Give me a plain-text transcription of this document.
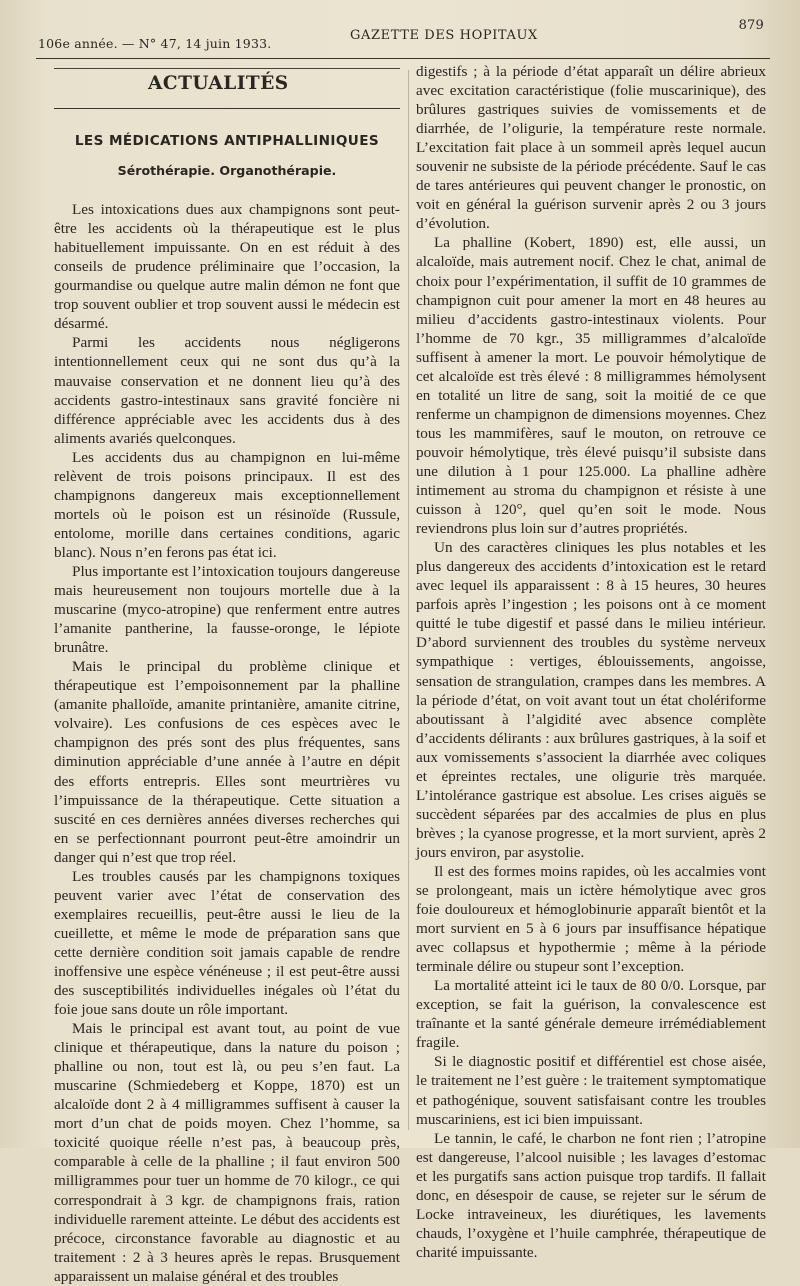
106e année. — N° 47, 14 juin 1933.
GAZETTE DES HOPITAUX
879
ACTUALITÉS
LES MÉDICATIONS ANTIPHALLINIQUES
Sérothérapie. Organothérapie.

Les intoxications dues aux champignons sont peut-être les accidents où la thérapeutique est le plus habituellement impuissante. On en est réduit à des conseils de prudence préliminaire que l’occasion, la gourmandise ou quelque autre malin démon ne font que trop souvent oublier et trop souvent aussi le médecin est désarmé.

Parmi les accidents nous négligerons intentionnellement ceux qui ne sont dus qu’à la mauvaise conservation et ne donnent lieu qu’à des accidents gastro-intestinaux sans gravité foncière ni différence appréciable avec les accidents dus à des aliments avariés quelconques.

Les accidents dus au champignon en lui-même relèvent de trois poisons principaux. Il est des champignons dangereux mais exceptionnellement mortels où le poison est un résinoïde (Russule, entolome, morille dans certaines conditions, agaric blanc). Nous n’en ferons pas état ici.

Plus importante est l’intoxication toujours dangereuse mais heureusement non toujours mortelle due à la muscarine (myco-atropine) que renferment entre autres l’amanite pantherine, la fausse-oronge, le lépiote brunâtre.

Mais le principal du problème clinique et thérapeutique est l’empoisonnement par la phalline (amanite phalloïde, amanite printanière, amanite citrine, volvaire). Les confusions de ces espèces avec le champignon des prés sont des plus fréquentes, sans diminution appréciable d’une année à l’autre en dépit des efforts entrepris. Elles sont meurtrières vu l’impuissance de la thérapeutique. Cette situation a suscité en ces dernières années diverses recherches qui en se perfectionnant pourront peut-être amoindrir un danger qui n’est que trop réel.

Les troubles causés par les champignons toxiques peuvent varier avec l’état de conservation des exemplaires recueillis, peut-être aussi le lieu de la cueillette, et même le mode de préparation sans que cette dernière condition soit jamais capable de rendre inoffensive une espèce vénéneuse ; il est peut-être aussi des susceptibilités individuelles inégales où l’état du foie joue sans doute un rôle important.

Mais le principal est avant tout, au point de vue clinique et thérapeutique, dans la nature du poison ; phalline ou non, tout est là, ou peu s’en faut. La muscarine (Schmiedeberg et Koppe, 1870) est un alcaloïde dont 2 à 4 milligrammes suffisent à causer la mort d’un chat de poids moyen. Chez l’homme, sa toxicité quoique réelle n’est pas, à beaucoup près, comparable à celle de la phalline ; il faut environ 500 milligrammes pour tuer un homme de 70 kilogr., ce qui correspondrait à 3 kgr. de champignons frais, ration individuelle rarement atteinte. Le début des accidents est précoce, circonstance favorable au diagnostic et au traitement : 2 à 3 heures après le repas. Brusquement apparaissent un malaise général et des troubles

digestifs ; à la période d’état apparaît un délire abrieux avec excitation caractéristique (folie muscarinique), des brûlures gastriques suivies de vomissements et de diarrhée, de l’oligurie, la température reste normale. L’excitation fait place à un sommeil après lequel aucun souvenir ne subsiste de la période précédente. Sauf le cas de tares antérieures qui peuvent changer le pronostic, on voit en général la guérison survenir après 2 ou 3 jours d’évolution.

La phalline (Kobert, 1890) est, elle aussi, un alcaloïde, mais autrement nocif. Chez le chat, animal de choix pour l’expérimentation, il suffit de 10 grammes de champignon cuit pour amener la mort en 48 heures au milieu d’accidents gastro-intestinaux violents. Pour l’homme de 70 kgr., 35 milligrammes d’alcaloïde suffisent à amener la mort. Le pouvoir hémolytique de cet alcaloïde est très élevé : 8 milligrammes hémolysent en totalité un litre de sang, soit la moitié de ce que renferme un champignon de dimensions moyennes. Chez tous les mammifères, sauf le mouton, on retrouve ce pouvoir hémolytique, très élevé puisqu’il subsiste dans une dilution à 1 pour 125.000. La phalline adhère intimement au stroma du champignon et résiste à une cuisson à 120°, quel qu’en soit le mode. Nous reviendrons plus loin sur d’autres propriétés.

Un des caractères cliniques les plus notables et les plus dangereux des accidents d’intoxication est le retard avec lequel ils apparaissent : 8 à 15 heures, 30 heures parfois après l’ingestion ; les poisons ont à ce moment quitté le tube digestif et passé dans le milieu intérieur. D’abord surviennent des troubles du système nerveux sympathique : vertiges, éblouissements, angoisse, sensation de strangulation, crampes dans les membres. A la période d’état, on voit avant tout un état cholériforme aboutissant à l’algidité avec absence complète d’accidents délirants : aux brûlures gastriques, à la soif et aux vomissements s’associent la diarrhée avec coliques et épreintes rectales, une oligurie très marquée. L’intolérance gastrique est absolue. Les crises aiguës se succèdent séparées par des accalmies de plus en plus brèves ; la cyanose progresse, et la mort survient, après 2 jours environ, par asystolie.

Il est des formes moins rapides, où les accalmies vont se prolongeant, mais un ictère hémolytique avec gros foie douloureux et hémoglobinurie apparaît bientôt et la mort survient en 5 à 6 jours par insuffisance hépatique avec collapsus et hypothermie ; même à la période terminale délire ou stupeur sont l’exception.

La mortalité atteint ici le taux de 80 0/0. Lorsque, par exception, se fait la guérison, la convalescence est traînante et la santé générale demeure irrémédiablement fragile.

Si le diagnostic positif et différentiel est chose aisée, le traitement ne l’est guère : le traitement symptomatique et pathogénique, souvent satisfaisant contre les troubles muscariniens, est ici bien impuissant.

Le tannin, le café, le charbon ne font rien ; l’atropine est dangereuse, l’alcool nuisible ; les lavages d’estomac et les purgatifs sans action puisque trop tardifs. Il fallait donc, en désespoir de cause, se rejeter sur le sérum de Locke intraveineux, les diurétiques, les lavements chauds, l’oxygène et l’huile camphrée, thérapeutique de charité impuissante.
